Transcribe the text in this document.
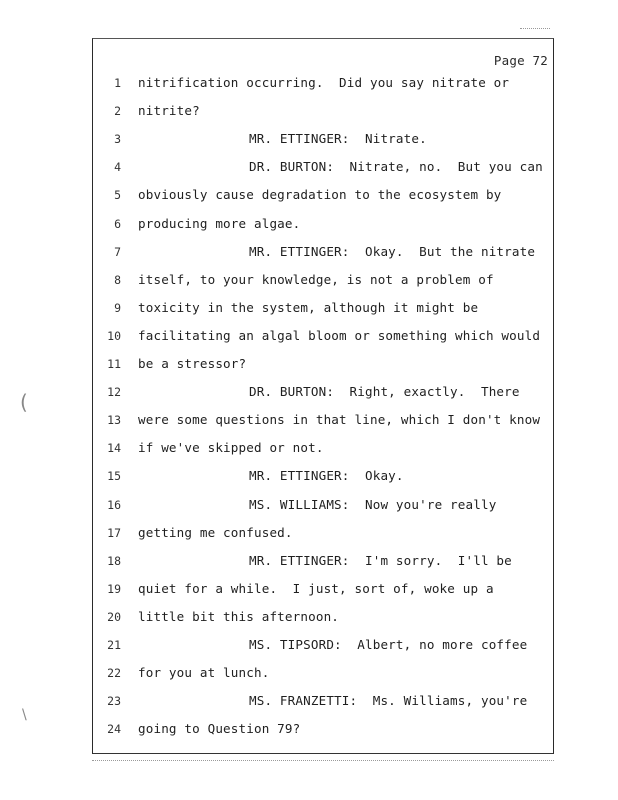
Page 72
1 nitrification occurring.  Did you say nitrate or
2 nitrite?
3	MR. ETTINGER:  Nitrate.
4	DR. BURTON:  Nitrate, no.  But you can
5 obviously cause degradation to the ecosystem by
6 producing more algae.
7	MR. ETTINGER:  Okay.  But the nitrate
8 itself, to your knowledge, is not a problem of
9 toxicity in the system, although it might be
10 facilitating an algal bloom or something which would
11 be a stressor?
12	DR. BURTON:  Right, exactly.  There
13 were some questions in that line, which I don't know
14 if we've skipped or not.
15	MR. ETTINGER:  Okay.
16	MS. WILLIAMS:  Now you're really
17 getting me confused.
18	MR. ETTINGER:  I'm sorry.  I'll be
19 quiet for a while.  I just, sort of, woke up a
20 little bit this afternoon.
21	MS. TIPSORD:  Albert, no more coffee
22 for you at lunch.
23	MS. FRANZETTI:  Ms. Williams, you're
24 going to Question 79?
(
\
